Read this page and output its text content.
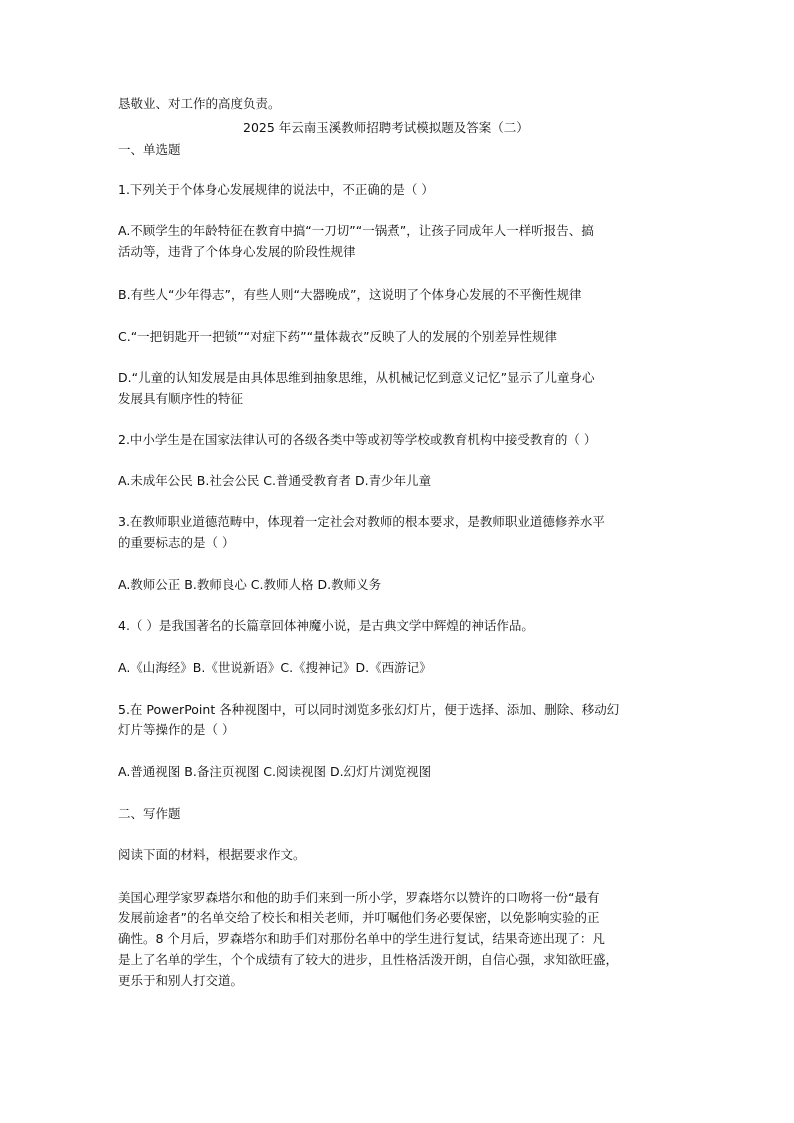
恳敬业、对工作的高度负责。
2025 年云南玉溪教师招聘考试模拟题及答案（二）
一、单选题
1.下列关于个体身心发展规律的说法中，不正确的是（ ）
A.不顾学生的年龄特征在教育中搞“一刀切”“一锅煮”，让孩子同成年人一样听报告、搞
活动等，违背了个体身心发展的阶段性规律
B.有些人“少年得志”，有些人则“大器晚成”，这说明了个体身心发展的不平衡性规律
C.“一把钥匙开一把锁”“对症下药”“量体裁衣”反映了人的发展的个别差异性规律
D.“儿童的认知发展是由具体思维到抽象思维，从机械记忆到意义记忆”显示了儿童身心
发展具有顺序性的特征
2.中小学生是在国家法律认可的各级各类中等或初等学校或教育机构中接受教育的（ ）
A.未成年公民 B.社会公民 C.普通受教育者 D.青少年儿童
3.在教师职业道德范畴中，体现着一定社会对教师的根本要求，是教师职业道德修养水平
的重要标志的是（ ）
A.教师公正 B.教师良心 C.教师人格 D.教师义务
4.（ ）是我国著名的长篇章回体神魔小说，是古典文学中辉煌的神话作品。
A.《山海经》B.《世说新语》C.《搜神记》D.《西游记》
5.在 PowerPoint 各种视图中，可以同时浏览多张幻灯片，便于选择、添加、删除、移动幻
灯片等操作的是（ ）
A.普通视图 B.备注页视图 C.阅读视图 D.幻灯片浏览视图
二、写作题
阅读下面的材料，根据要求作文。
美国心理学家罗森塔尔和他的助手们来到一所小学，罗森塔尔以赞许的口吻将一份“最有
发展前途者”的名单交给了校长和相关老师，并叮嘱他们务必要保密，以免影响实验的正
确性。8 个月后，罗森塔尔和助手们对那份名单中的学生进行复试，结果奇迹出现了：凡
是上了名单的学生，个个成绩有了较大的进步，且性格活泼开朗，自信心强，求知欲旺盛，
更乐于和别人打交道。
